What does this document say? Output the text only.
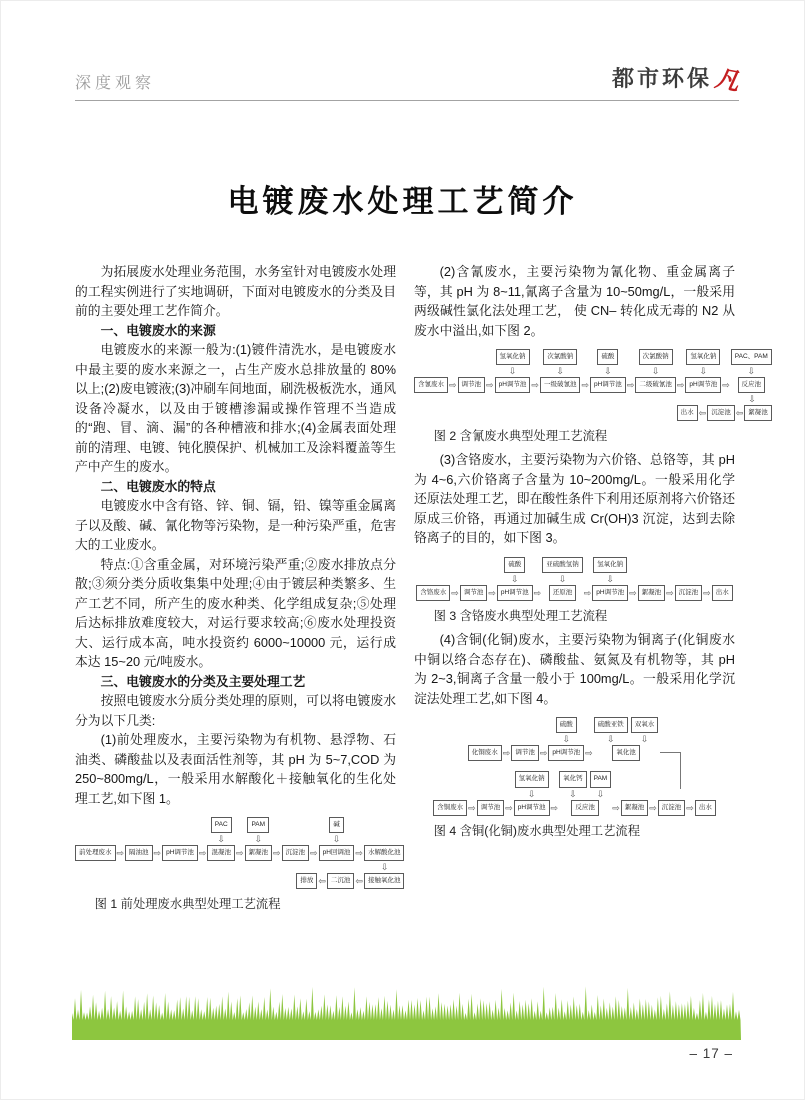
深度观察	都市环保 凡
电镀废水处理工艺简介

为拓展废水处理业务范围，水务室针对电镀废水处理的工程实例进行了实地调研，下面对电镀废水的分类及目前的主要处理工艺作简介。

一、电镀废水的来源

电镀废水的来源一般为:(1)镀件清洗水，是电镀废水中最主要的废水来源之一，占生产废水总排放量的 80%以上;(2)废电镀液;(3)冲刷车间地面，刷洗极板洗水，通风设备冷凝水，以及由于镀槽渗漏或操作管理不当造成的“跑、冒、滴、漏”的各种槽液和排水;(4)金属表面处理前的清理、电镀、钝化膜保护、机械加工及涂料覆盖等生产中产生的废水。

二、电镀废水的特点

电镀废水中含有铬、锌、铜、镉，铅、镍等重金属离子以及酸、碱、氰化物等污染物，是一种污染严重，危害大的工业废水。

特点:①含重金属，对环境污染严重;②废水排放点分散;③须分类分质收集集中处理;④由于镀层种类繁多、生产工艺不同，所产生的废水种类、化学组成复杂;⑤处理后达标排放难度较大，对运行要求较高;⑥废水处理投资大、运行成本高，吨水投资约 6000~10000 元，运行成本达 15~20 元/吨废水。

三、电镀废水的分类及主要处理工艺

按照电镀废水分质分类处理的原则，可以将电镀废水分为以下几类:

(1)前处理废水，主要污染物为有机物、悬浮物、石油类、磷酸盐以及表面活性剂等，其 pH 为 5~7,COD 为 250~800mg/L，一般采用水解酸化＋接触氧化的生化处理工艺,如下图 1。

前处理废水 ⇨ 隔油池 ⇨ pH调节池 ⇨
PAC
⇩
混凝池 ⇨
PAM
⇩
絮凝池 ⇨ 沉淀池 ⇨
碱
⇩
pH回调池 ⇨ 水解酸化池
⇩
排放 ⇦ 二沉池 ⇦ 接触氧化池

图 1 前处理废水典型处理工艺流程

(2)含氰废水，主要污染物为氰化物、重金属离子等，其 pH 为 8~11,氰离子含量为 10~50mg/L，一般采用两级碱性氯化法处理工艺， 使 CN– 转化成无毒的 N2 从废水中溢出,如下图 2。

含氰废水 ⇨ 调节池 ⇨
氢氧化钠
⇩
pH调节池 ⇨
次氯酸钠
⇩
一级破氰池 ⇨
硫酸
⇩
pH调节池 ⇨
次氯酸钠
⇩
二级破氰池 ⇨
氢氧化钠
⇩
pH调节池 ⇨
PAC、PAM
⇩
反应池
⇩
出水 ⇦ 沉淀池 ⇦ 絮凝池

图 2 含氰废水典型处理工艺流程

(3)含铬废水，主要污染物为六价铬、总铬等，其 pH 为 4~6,六价铬离子含量为 10~200mg/L。一般采用化学还原法处理工艺，即在酸性条件下利用还原剂将六价铬还原成三价铬，再通过加碱生成 Cr(OH)3 沉淀，达到去除铬离子的目的，如下图 3。

含铬废水 ⇨ 调节池 ⇨
硫酸
⇩
pH调节池 ⇨
亚硫酸氢钠
⇩
还原池	⇨
氢氧化钠
⇩
pH调节池 ⇨ 絮凝池 ⇨ 沉淀池 ⇨ 出水

图 3 含铬废水典型处理工艺流程

(4)含铜(化铜)废水，主要污染物为铜离子(化铜废水中铜以络合态存在)、磷酸盐、氨氮及有机物等，其 pH 为 2~3,铜离子含量一般小于 100mg/L。一般采用化学沉淀法处理工艺,如下图 4。

化铜废水 ⇨ 调节池 ⇨
硫酸
⇩
pH调节池 ⇨
硫酸亚铁
⇩
双氧水
⇩
氧化池
含铜废水 ⇨ 调节池 ⇨
氢氧化钠
⇩
pH调节池 ⇨
氧化钙
⇩
PAM
⇩
反应池	⇨ 絮凝池 ⇨ 沉淀池 ⇨ 出水

图 4 含铜(化铜)废水典型处理工艺流程

– 17 –
